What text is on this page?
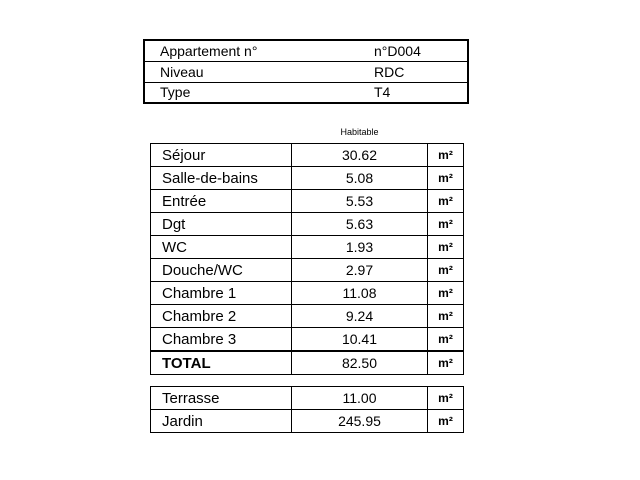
Appartement n°	n°D004
Niveau	RDC
Type	T4
Habitable
Séjour	30.62	m²
Salle-de-bains	5.08	m²
Entrée	5.53	m²
Dgt	5.63	m²
WC	1.93	m²
Douche/WC	2.97	m²
Chambre 1	11.08	m²
Chambre 2	9.24	m²
Chambre 3	10.41	m²
TOTAL	82.50	m²
Terrasse	11.00	m²
Jardin	245.95	m²
